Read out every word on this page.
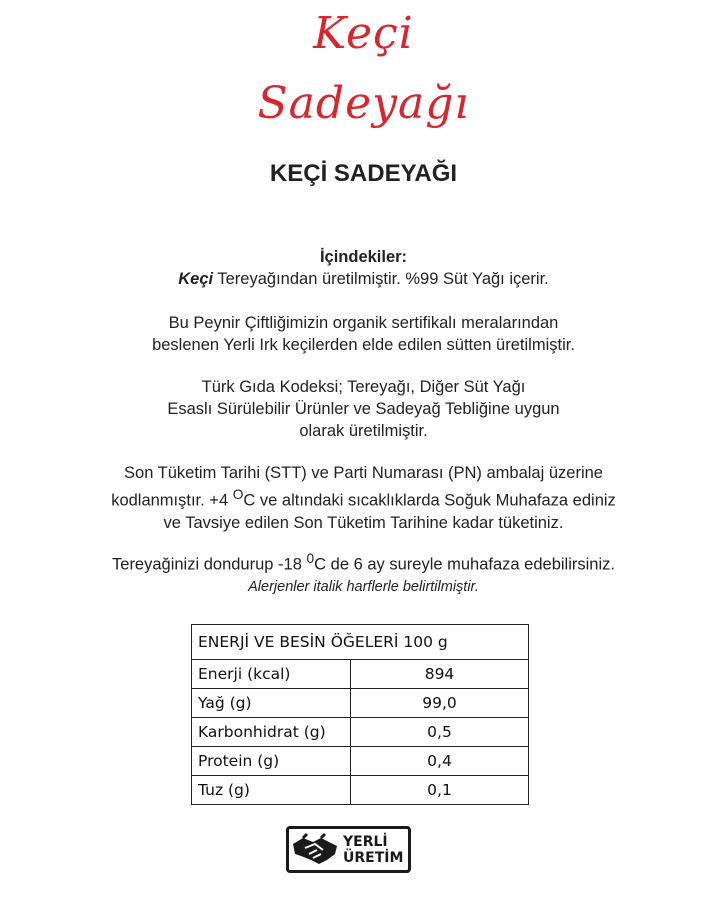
Keçi
Sadeyağı
KEÇİ SADEYAĞI
İçindekiler:
Keçi Tereyağından üretilmiştir. %99 Süt Yağı içerir.
Bu Peynir Çiftliğimizin organik sertifikalı meralarından
beslenen Yerli Irk keçilerden elde edilen sütten üretilmiştir.
Türk Gıda Kodeksi; Tereyağı, Diğer Süt Yağı
Esaslı Sürülebilir Ürünler ve Sadeyağ Tebliğine uygun
olarak üretilmiştir.
Son Tüketim Tarihi (STT) ve Parti Numarası (PN) ambalaj üzerine
kodlanmıştır. +4 $^O$C ve altındaki sıcaklıklarda Soğuk Muhafaza ediniz
ve Tavsiye edilen Son Tüketim Tarihine kadar tüketiniz.
Tereyağinizi dondurup -18 $^0$C de 6 ay sureyle muhafaza edebilirsiniz.
Alerjenler italik harflerle belirtilmiştir.
ENERJİ VE BESİN ÖĞELERİ 100 g	
Enerji (kcal)	894
Yağ (g)	99,0
Karbonhidrat (g)	0,5
Protein (g)	0,4
Tuz (g)	0,1
YERLİ
ÜRETİM
